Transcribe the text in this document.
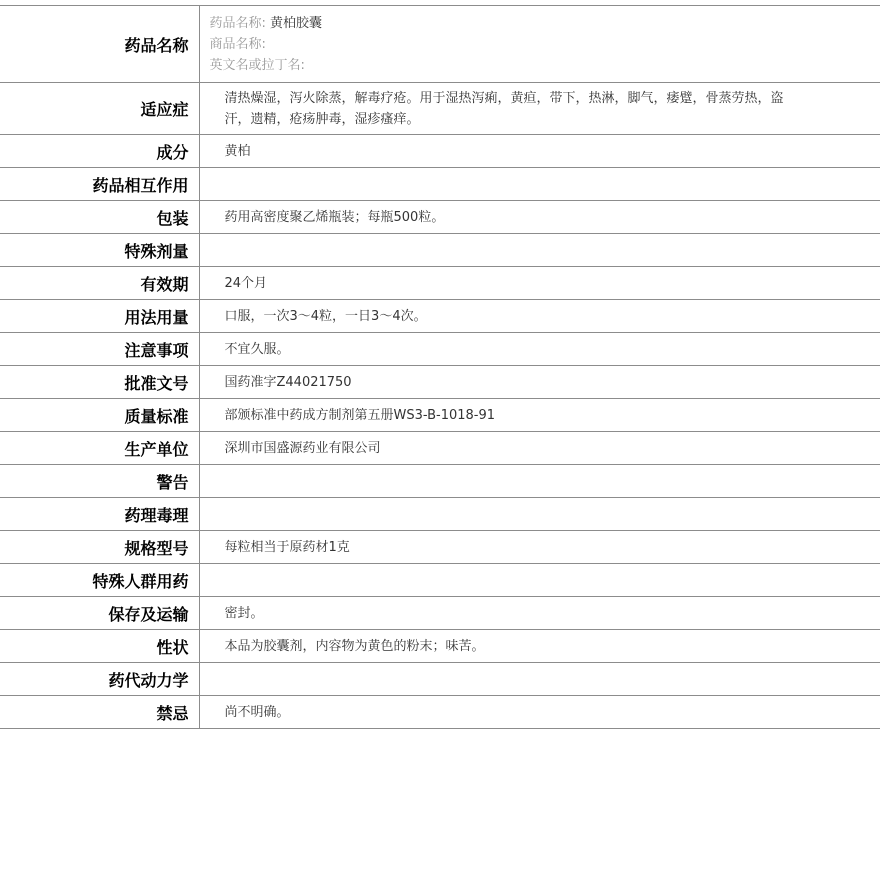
药品名称	药品名称: 黄柏胶囊
商品名称:
英文名或拉丁名:

适应症	清热燥湿，泻火除蒸，解毒疗疮。用于湿热泻痢，黄疸，带下，热淋，脚气，痿躄，骨蒸劳热，盗汗，遗精，疮疡肿毒，湿疹瘙痒。
成分	黄柏
药品相互作用	
包装	药用高密度聚乙烯瓶装；每瓶500粒。
特殊剂量	
有效期	24个月
用法用量	口服，一次3～4粒，一日3～4次。
注意事项	不宜久服。
批准文号	国药准字Z44021750
质量标准	部颁标准中药成方制剂第五册WS3-B-1018-91
生产单位	深圳市国盛源药业有限公司
警告	
药理毒理	
规格型号	每粒相当于原药材1克
特殊人群用药	
保存及运输	密封。
性状	本品为胶囊剂，内容物为黄色的粉末；味苦。
药代动力学	
禁忌	尚不明确。
